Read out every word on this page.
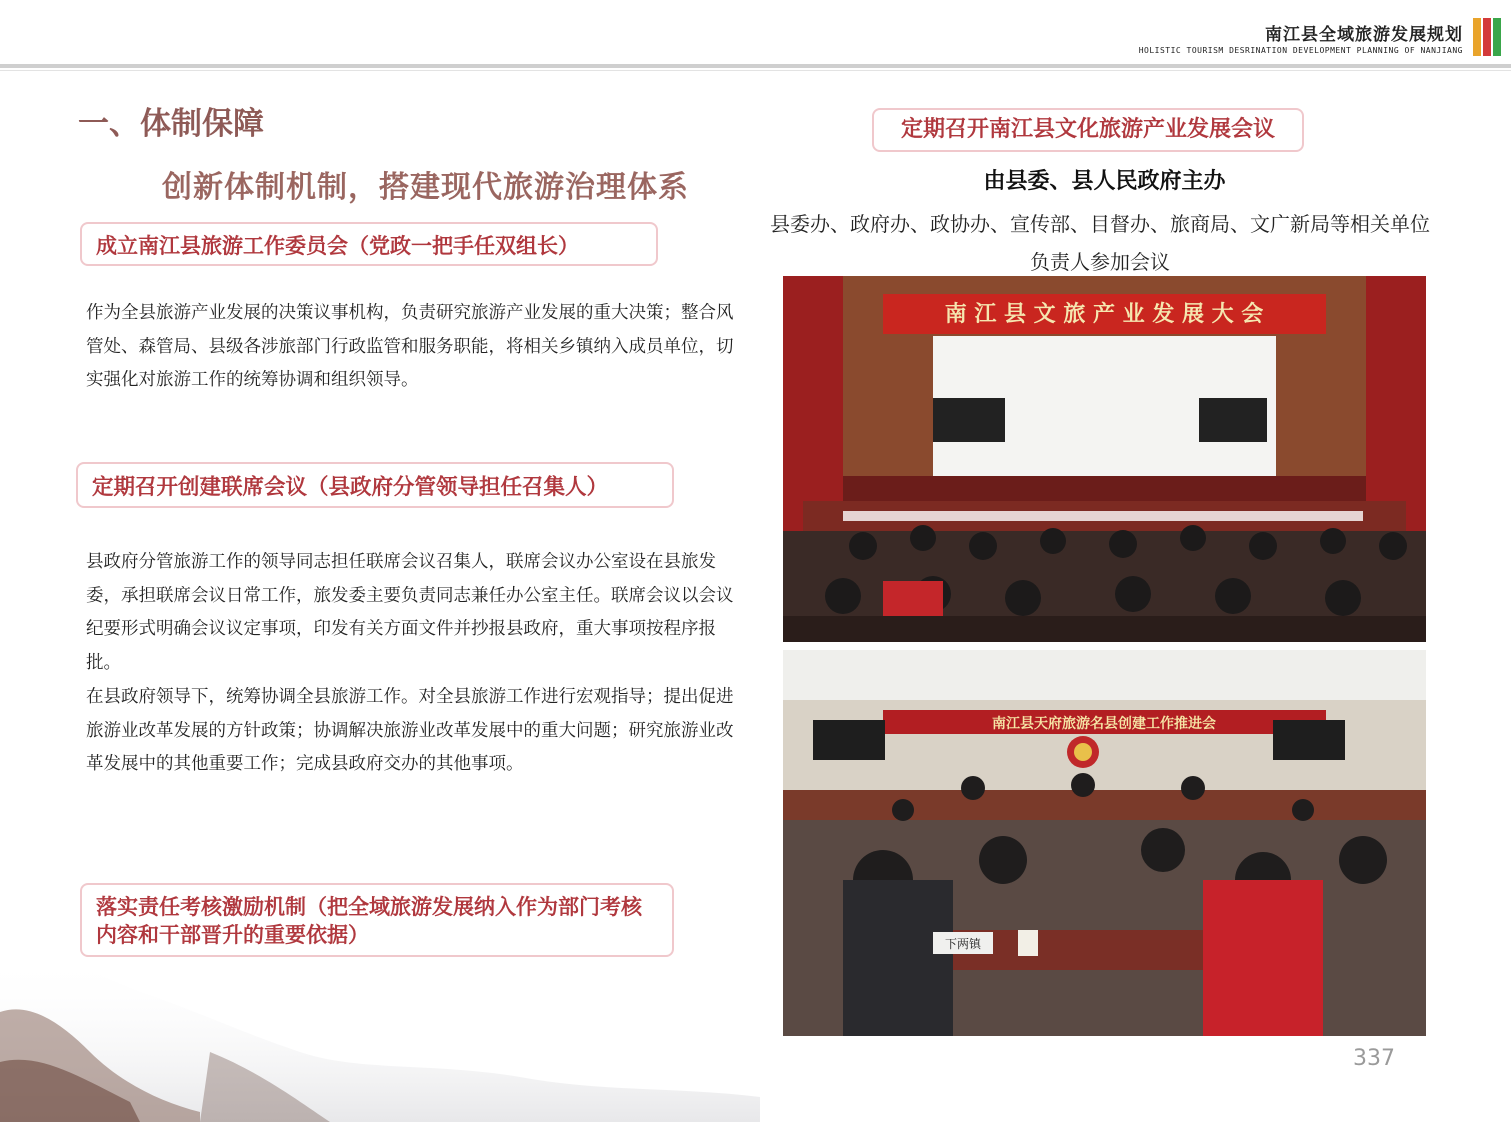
南江县全域旅游发展规划
HOLISTIC TOURISM DESRINATION DEVELOPMENT PLANNING OF NANJIANG
一、体制保障
创新体制机制，搭建现代旅游治理体系
成立南江县旅游工作委员会（党政一把手任双组长）
作为全县旅游产业发展的决策议事机构，负责研究旅游产业发展的重大决策；整合风管处、森管局、县级各涉旅部门行政监管和服务职能，将相关乡镇纳入成员单位，切实强化对旅游工作的统筹协调和组织领导。
定期召开创建联席会议（县政府分管领导担任召集人）
县政府分管旅游工作的领导同志担任联席会议召集人，联席会议办公室设在县旅发委，承担联席会议日常工作，旅发委主要负责同志兼任办公室主任。联席会议以会议纪要形式明确会议议定事项，印发有关方面文件并抄报县政府，重大事项按程序报批。
在县政府领导下，统筹协调全县旅游工作。对全县旅游工作进行宏观指导；提出促进旅游业改革发展的方针政策；协调解决旅游业改革发展中的重大问题；研究旅游业改革发展中的其他重要工作；完成县政府交办的其他事项。
落实责任考核激励机制（把全域旅游发展纳入作为部门考核内容和干部晋升的重要依据）
定期召开南江县文化旅游产业发展会议
由县委、县人民政府主办
县委办、政府办、政协办、宣传部、目督办、旅商局、文广新局等相关单位负责人参加会议
南 江 县 文 旅 产 业 发 展 大 会
南江县天府旅游名县创建工作推进会
下两镇
337
